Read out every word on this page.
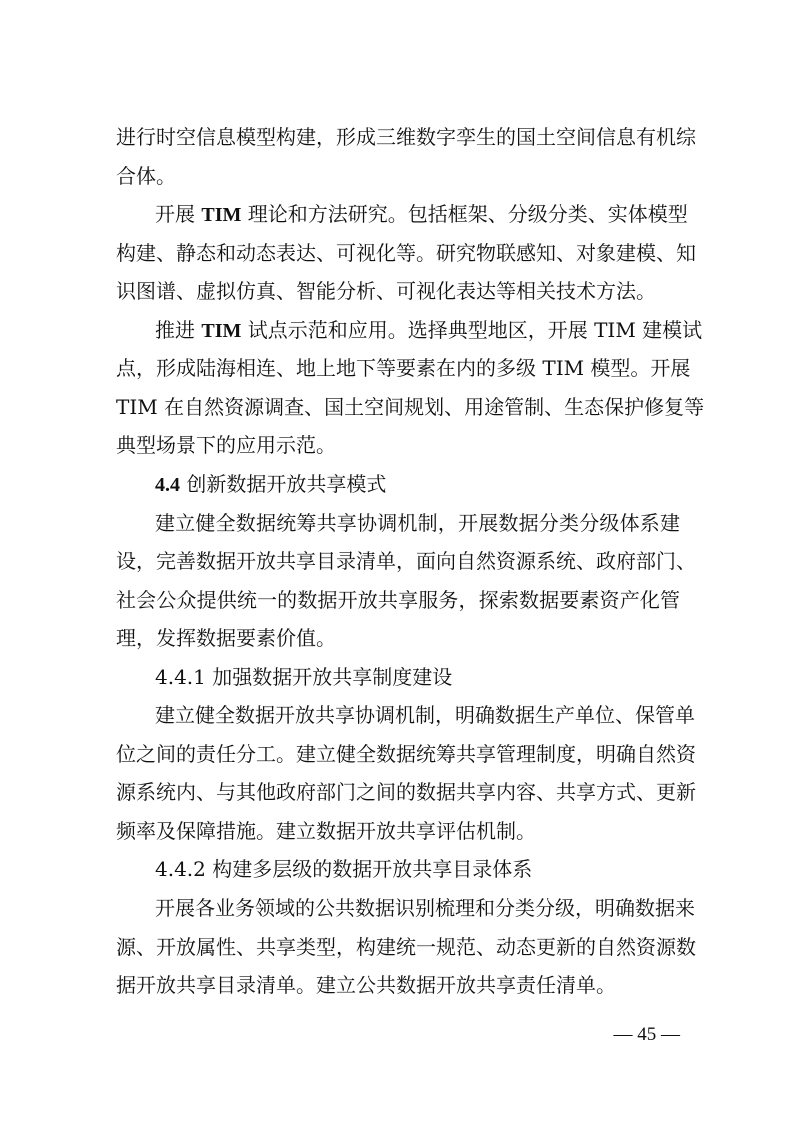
进行时空信息模型构建，形成三维数字孪生的国土空间信息有机综
合体。
开展 TIM 理论和方法研究。包括框架、分级分类、实体模型
构建、静态和动态表达、可视化等。研究物联感知、对象建模、知
识图谱、虚拟仿真、智能分析、可视化表达等相关技术方法。
推进 TIM 试点示范和应用。选择典型地区，开展 TIM 建模试
点，形成陆海相连、地上地下等要素在内的多级 TIM 模型。开展
TIM 在自然资源调查、国土空间规划、用途管制、生态保护修复等
典型场景下的应用示范。
4.4 创新数据开放共享模式
建立健全数据统筹共享协调机制，开展数据分类分级体系建
设，完善数据开放共享目录清单，面向自然资源系统、政府部门、
社会公众提供统一的数据开放共享服务，探索数据要素资产化管
理，发挥数据要素价值。
4.4.1 加强数据开放共享制度建设
建立健全数据开放共享协调机制，明确数据生产单位、保管单
位之间的责任分工。建立健全数据统筹共享管理制度，明确自然资
源系统内、与其他政府部门之间的数据共享内容、共享方式、更新
频率及保障措施。建立数据开放共享评估机制。
4.4.2 构建多层级的数据开放共享目录体系
开展各业务领域的公共数据识别梳理和分类分级，明确数据来
源、开放属性、共享类型，构建统一规范、动态更新的自然资源数
据开放共享目录清单。建立公共数据开放共享责任清单。
— 45 —
